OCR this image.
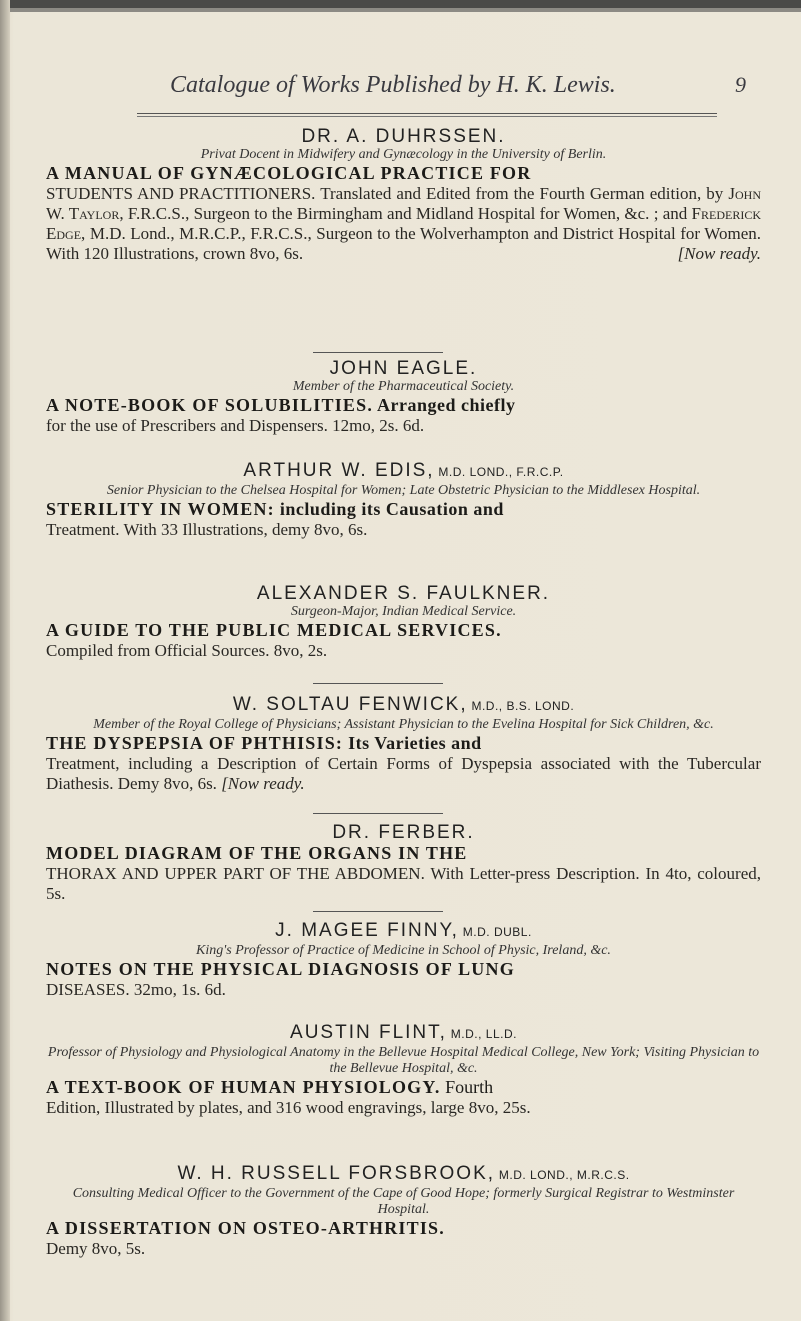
Catalogue of Works Published by H. K. Lewis.	9
DR. A. DUHRSSEN.
Privat Docent in Midwifery and Gynæcology in the University of Berlin.
A MANUAL OF GYNÆCOLOGICAL PRACTICE FOR
STUDENTS AND PRACTITIONERS. Translated and Edited from the Fourth German edition, by John W. Taylor, F.R.C.S., Surgeon to the Birmingham and Midland Hospital for Women, &c. ; and Frederick Edge, M.D. Lond., M.R.C.P., F.R.C.S., Surgeon to the Wolverhampton and District Hospital for Women. With 120 Illustrations, crown 8vo, 6s.	[Now ready.
JOHN EAGLE.
Member of the Pharmaceutical Society.
A NOTE-BOOK OF SOLUBILITIES. Arranged chiefly
for the use of Prescribers and Dispensers. 12mo, 2s. 6d.
ARTHUR W. EDIS, M.D. LOND., F.R.C.P.
Senior Physician to the Chelsea Hospital for Women; Late Obstetric Physician to the Middlesex Hospital.
STERILITY IN WOMEN: including its Causation and
Treatment. With 33 Illustrations, demy 8vo, 6s.
ALEXANDER S. FAULKNER.
Surgeon-Major, Indian Medical Service.
A GUIDE TO THE PUBLIC MEDICAL SERVICES.
Compiled from Official Sources. 8vo, 2s.
W. SOLTAU FENWICK, M.D., B.S. LOND.
Member of the Royal College of Physicians; Assistant Physician to the Evelina Hospital for Sick Children, &c.
THE DYSPEPSIA OF PHTHISIS: Its Varieties and
Treatment, including a Description of Certain Forms of Dyspepsia associated with the Tubercular Diathesis. Demy 8vo, 6s. [Now ready.
DR. FERBER.
MODEL DIAGRAM OF THE ORGANS IN THE
THORAX AND UPPER PART OF THE ABDOMEN. With Letter-press Description. In 4to, coloured, 5s.
J. MAGEE FINNY, M.D. DUBL.
King's Professor of Practice of Medicine in School of Physic, Ireland, &c.
NOTES ON THE PHYSICAL DIAGNOSIS OF LUNG
DISEASES. 32mo, 1s. 6d.
AUSTIN FLINT, M.D., LL.D.
Professor of Physiology and Physiological Anatomy in the Bellevue Hospital Medical College, New York; Visiting Physician to the Bellevue Hospital, &c.
A TEXT-BOOK OF HUMAN PHYSIOLOGY. Fourth
Edition, Illustrated by plates, and 316 wood engravings, large 8vo, 25s.
W. H. RUSSELL FORSBROOK, M.D. LOND., M.R.C.S.
Consulting Medical Officer to the Government of the Cape of Good Hope; formerly Surgical Registrar to Westminster Hospital.
A DISSERTATION ON OSTEO-ARTHRITIS.
Demy 8vo, 5s.
